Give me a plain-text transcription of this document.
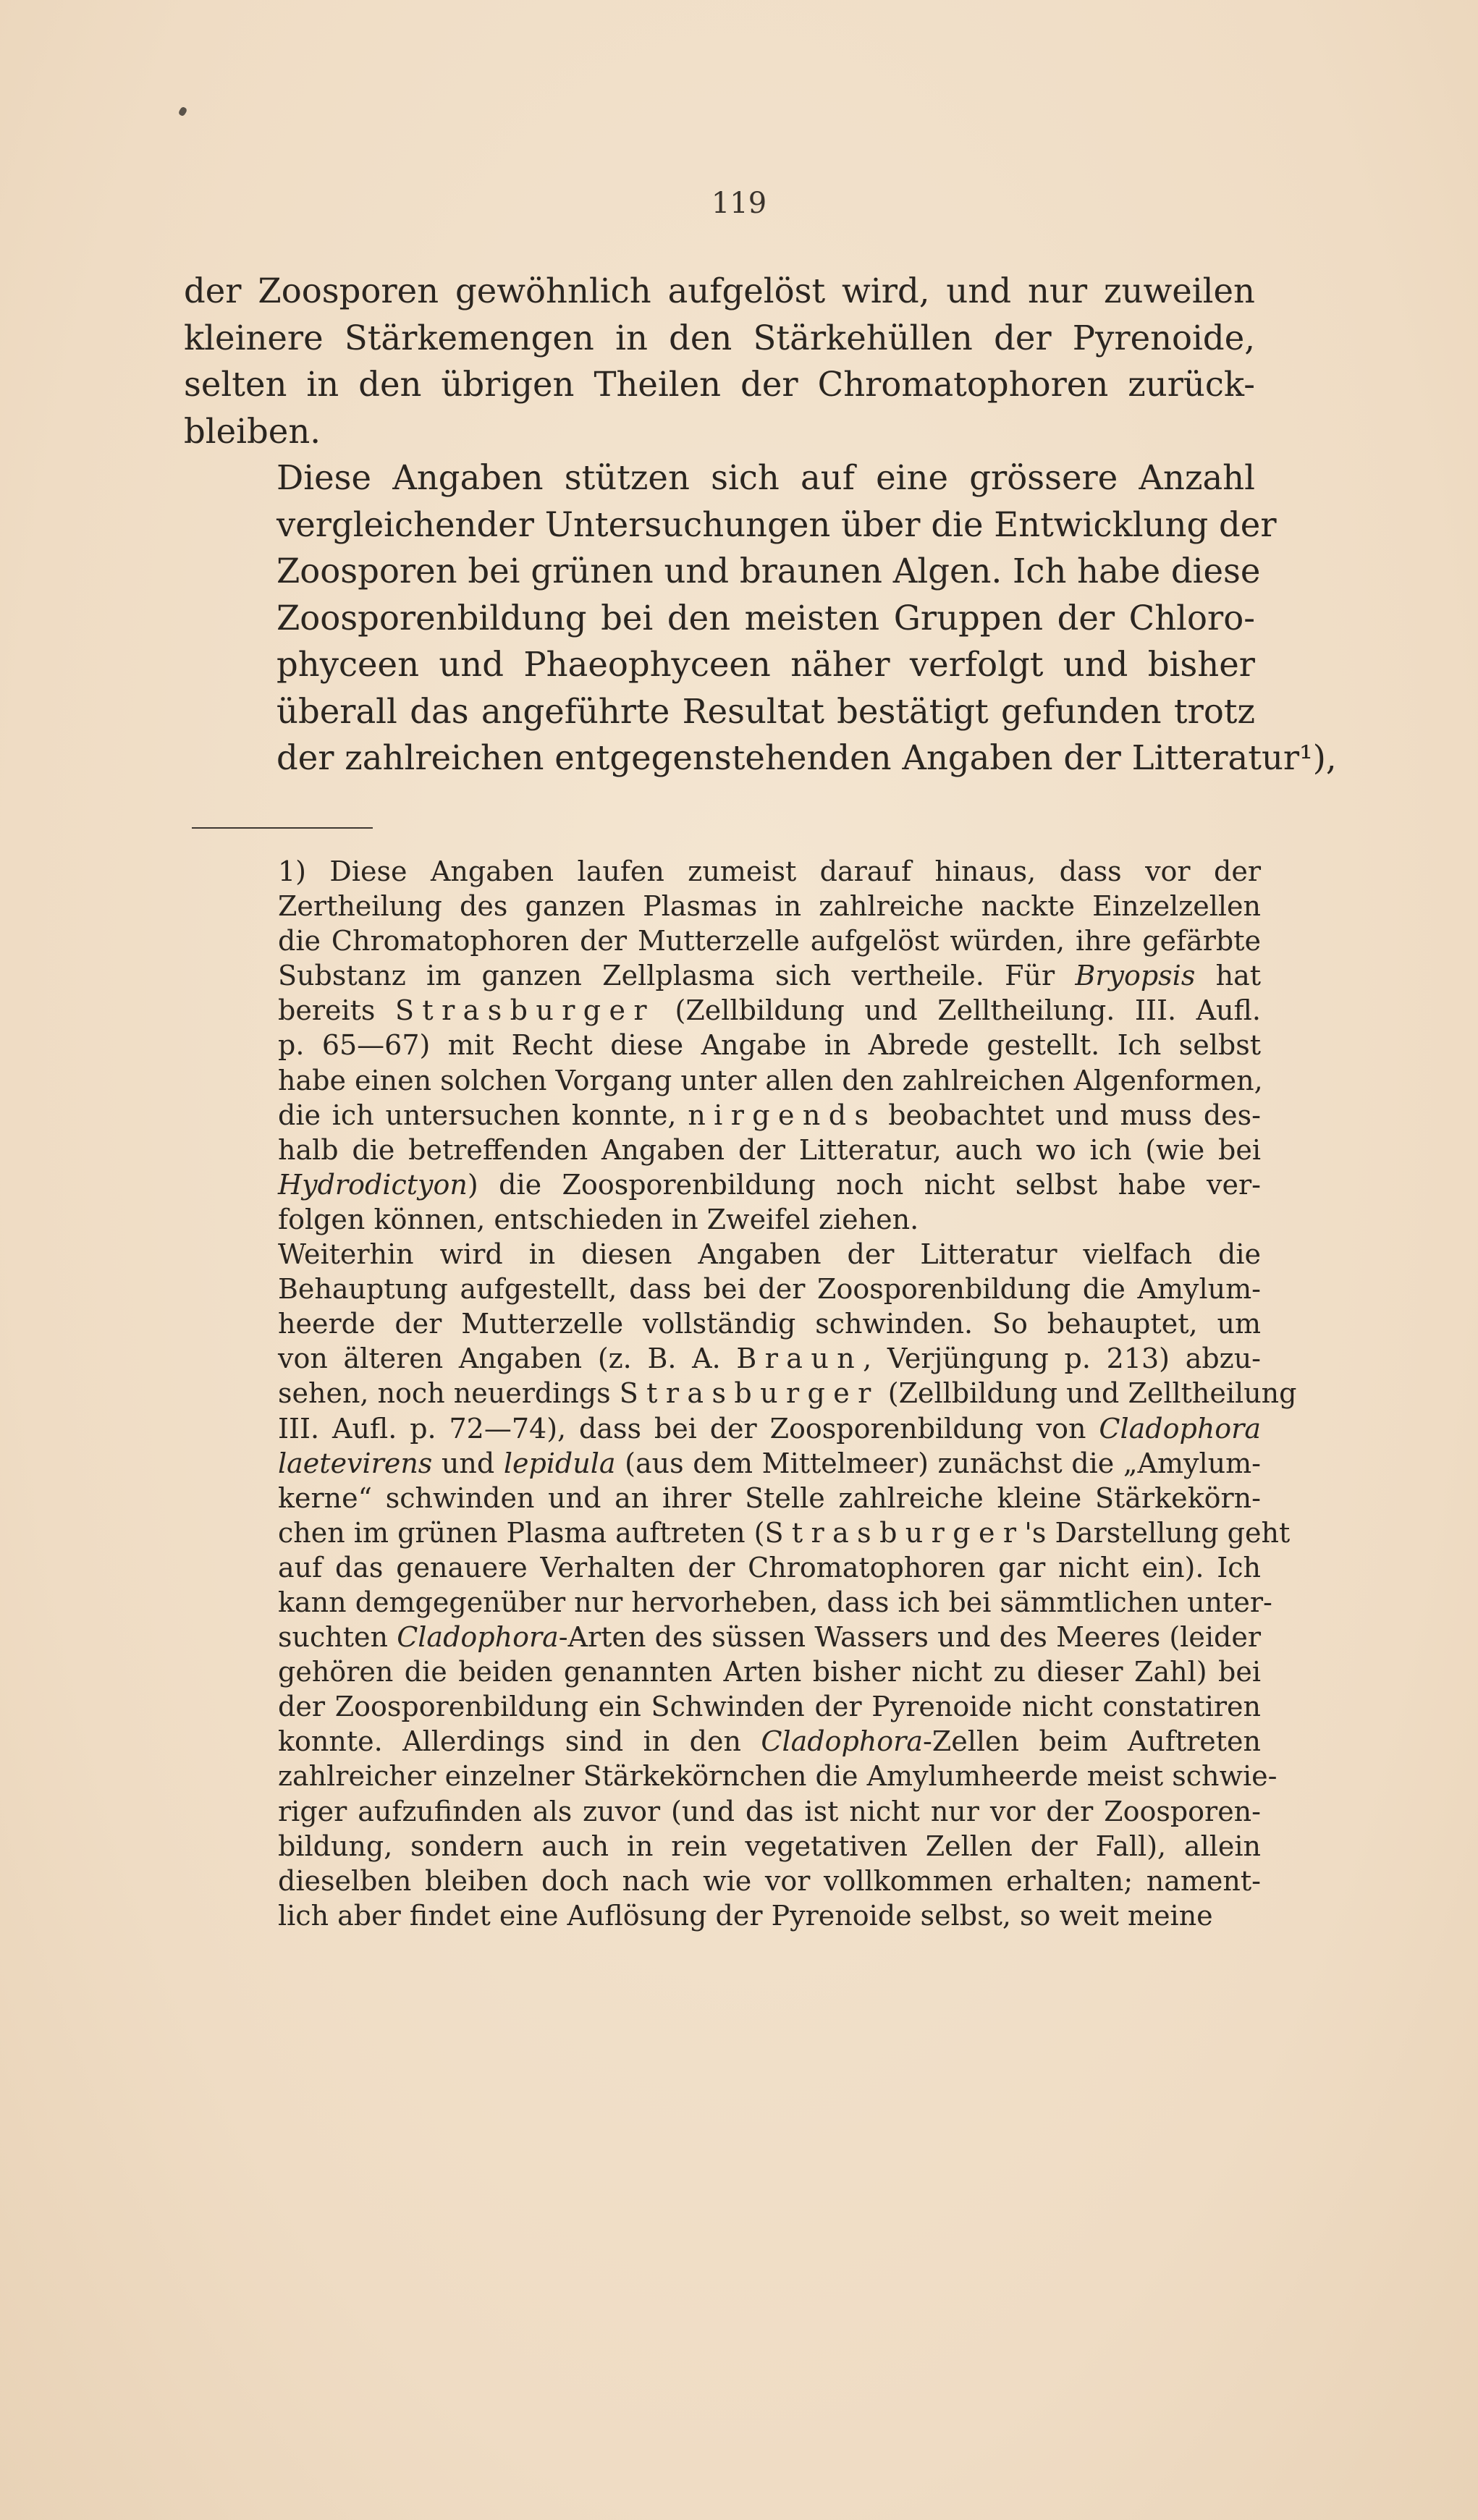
119

der Zoosporen gewöhnlich aufgelöst wird, und nur zuweilen
kleinere Stärkemengen in den Stärkehüllen der Pyrenoide,
selten in den übrigen Theilen der Chromatophoren zurück-
bleiben.

Diese Angaben stützen sich auf eine grössere Anzahl
vergleichender Untersuchungen über die Entwicklung der
Zoosporen bei grünen und braunen Algen. Ich habe diese
Zoosporenbildung bei den meisten Gruppen der Chloro-
phyceen und Phaeophyceen näher verfolgt und bisher
überall das angeführte Resultat bestätigt gefunden trotz
der zahlreichen entgegenstehenden Angaben der Litteratur¹),

1) Diese Angaben laufen zumeist darauf hinaus, dass vor der
Zertheilung des ganzen Plasmas in zahlreiche nackte Einzelzellen
die Chromatophoren der Mutterzelle aufgelöst würden, ihre gefärbte
Substanz im ganzen Zellplasma sich vertheile. Für Bryopsis hat
bereits Strasburger (Zellbildung und Zelltheilung. III. Aufl.
p. 65—67) mit Recht diese Angabe in Abrede gestellt. Ich selbst
habe einen solchen Vorgang unter allen den zahlreichen Algenformen,
die ich untersuchen konnte, nirgends beobachtet und muss des-
halb die betreffenden Angaben der Litteratur, auch wo ich (wie bei
Hydrodictyon) die Zoosporenbildung noch nicht selbst habe ver-
folgen können, entschieden in Zweifel ziehen.

Weiterhin wird in diesen Angaben der Litteratur vielfach die
Behauptung aufgestellt, dass bei der Zoosporenbildung die Amylum-
heerde der Mutterzelle vollständig schwinden. So behauptet, um
von älteren Angaben (z. B. A. Braun, Verjüngung p. 213) abzu-
sehen, noch neuerdings Strasburger (Zellbildung und Zelltheilung
III. Aufl. p. 72—74), dass bei der Zoosporenbildung von Cladophora
laetevirens und lepidula (aus dem Mittelmeer) zunächst die „Amylum-
kerne“ schwinden und an ihrer Stelle zahlreiche kleine Stärkekörn-
chen im grünen Plasma auftreten (Strasburger's Darstellung geht
auf das genauere Verhalten der Chromatophoren gar nicht ein). Ich
kann demgegenüber nur hervorheben, dass ich bei sämmtlichen unter-
suchten Cladophora-Arten des süssen Wassers und des Meeres (leider
gehören die beiden genannten Arten bisher nicht zu dieser Zahl) bei
der Zoosporenbildung ein Schwinden der Pyrenoide nicht constatiren
konnte. Allerdings sind in den Cladophora-Zellen beim Auftreten
zahlreicher einzelner Stärkekörnchen die Amylumheerde meist schwie-
riger aufzufinden als zuvor (und das ist nicht nur vor der Zoosporen-
bildung, sondern auch in rein vegetativen Zellen der Fall), allein
dieselben bleiben doch nach wie vor vollkommen erhalten; nament-
lich aber findet eine Auflösung der Pyrenoide selbst, so weit meine
